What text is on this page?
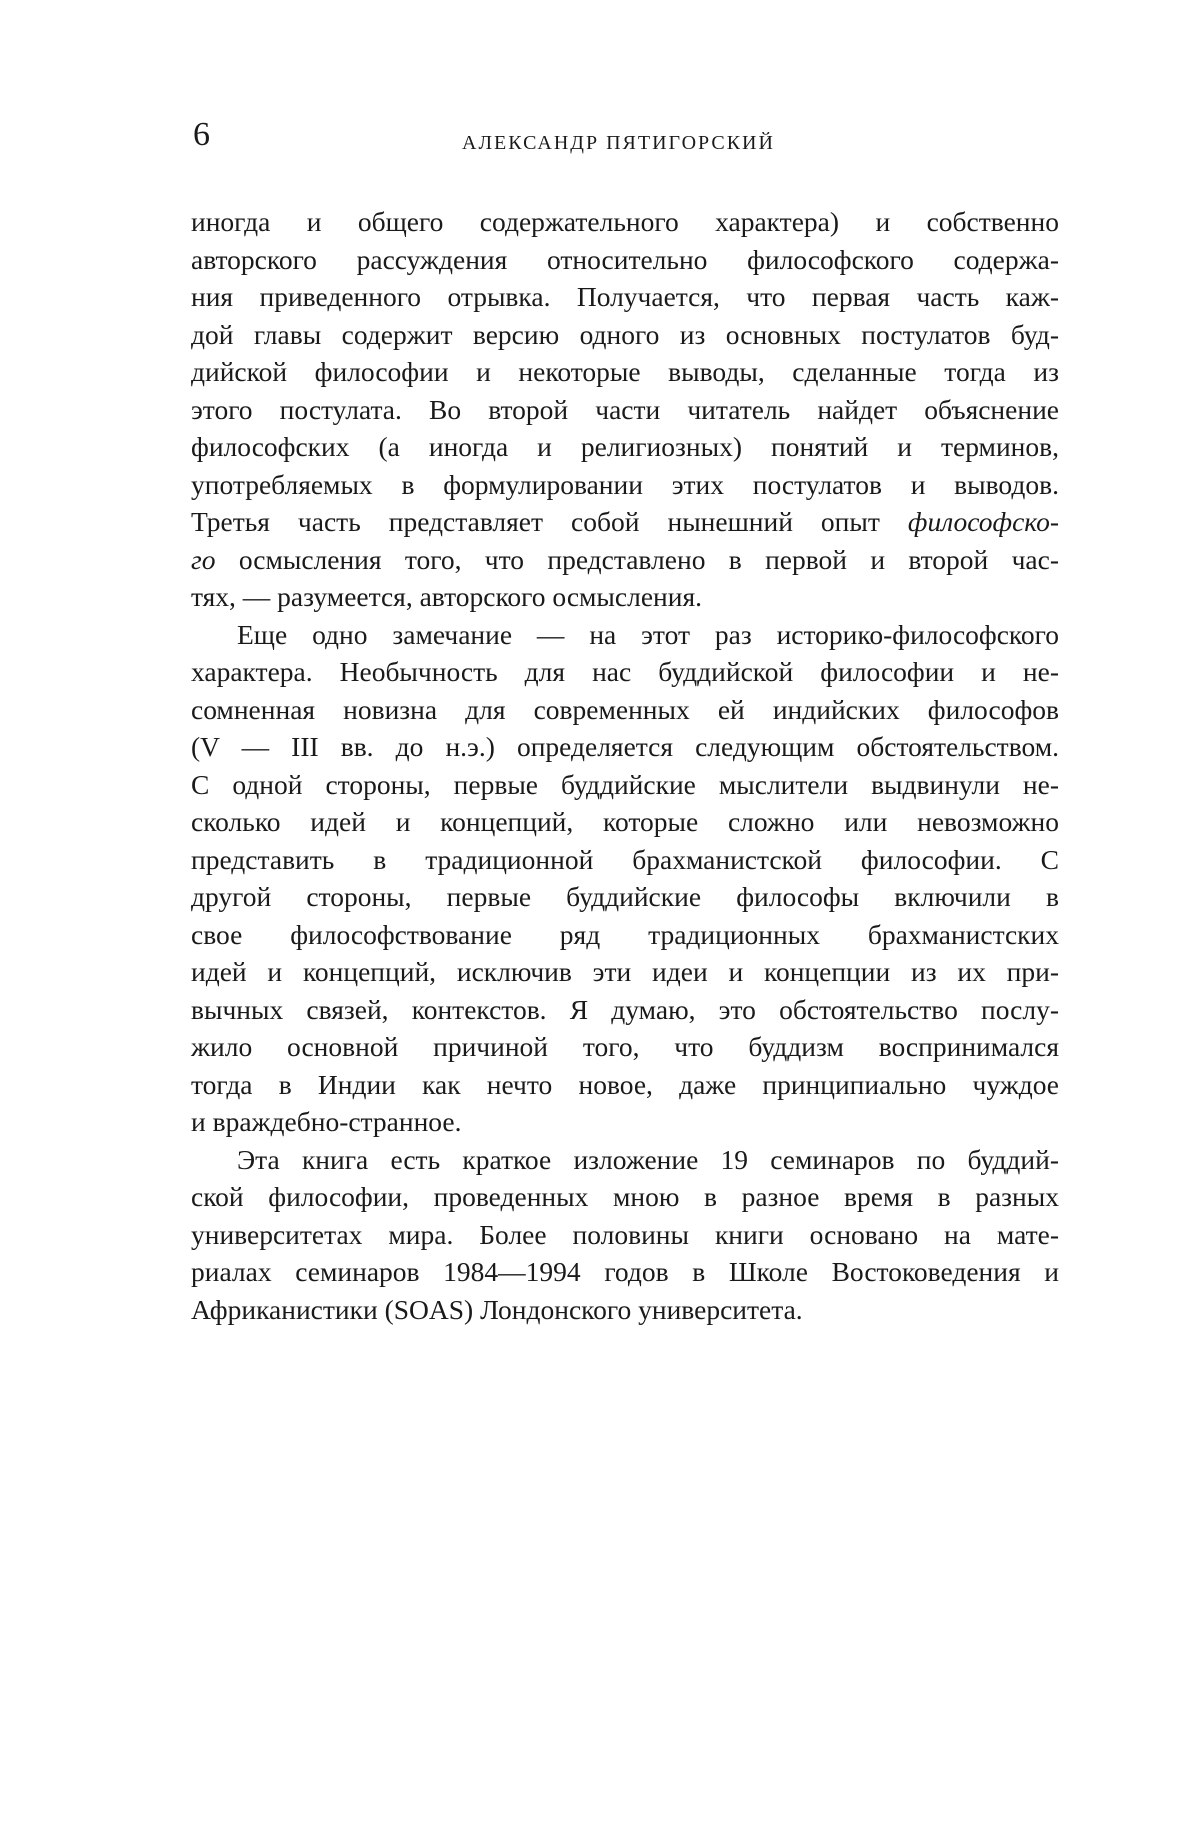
6	АЛЕКСАНДР ПЯТИГОРСКИЙ
иногда и общего содержательного характера) и собственно
авторского рассуждения относительно философского содержа-
ния приведенного отрывка. Получается, что первая часть каж-
дой главы содержит версию одного из основных постулатов буд-
дийской философии и некоторые выводы, сделанные тогда из
этого постулата. Во второй части читатель найдет объяснение
философских (а иногда и религиозных) понятий и терминов,
употребляемых в формулировании этих постулатов и выводов.
Третья часть представляет собой нынешний опыт философско-
го осмысления того, что представлено в первой и второй час-
тях, — разумеется, авторского осмысления.
Еще одно замечание — на этот раз историко-философского
характера. Необычность для нас буддийской философии и не-
сомненная новизна для современных ей индийских философов
(V — III вв. до н.э.) определяется следующим обстоятельством.
С одной стороны, первые буддийские мыслители выдвинули не-
сколько идей и концепций, которые сложно или невозможно
представить в традиционной брахманистской философии. С
другой стороны, первые буддийские философы включили в
свое философствование ряд традиционных брахманистских
идей и концепций, исключив эти идеи и концепции из их при-
вычных связей, контекстов. Я думаю, это обстоятельство послу-
жило основной причиной того, что буддизм воспринимался
тогда в Индии как нечто новое, даже принципиально чуждое
и враждебно-странное.
Эта книга есть краткое изложение 19 семинаров по буддий-
ской философии, проведенных мною в разное время в разных
университетах мира. Более половины книги основано на мате-
риалах семинаров 1984—1994 годов в Школе Востоковедения и
Африканистики (SOAS) Лондонского университета.
